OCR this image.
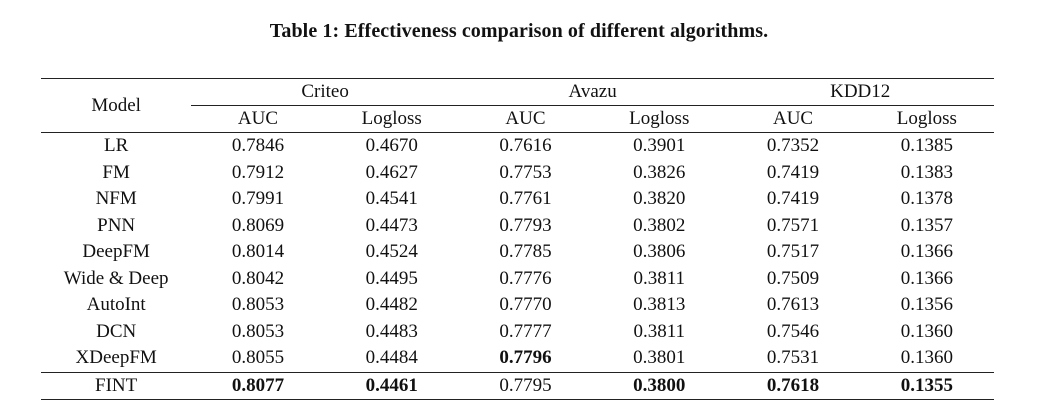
Table 1: Effectiveness comparison of different algorithms.
Model	Criteo		Avazu		KDD12	
	AUC	Logloss	AUC	Logloss	AUC	Logloss
LR	0.7846	0.4670	0.7616	0.3901	0.7352	0.1385
FM	0.7912	0.4627	0.7753	0.3826	0.7419	0.1383
NFM	0.7991	0.4541	0.7761	0.3820	0.7419	0.1378
PNN	0.8069	0.4473	0.7793	0.3802	0.7571	0.1357
DeepFM	0.8014	0.4524	0.7785	0.3806	0.7517	0.1366
Wide & Deep	0.8042	0.4495	0.7776	0.3811	0.7509	0.1366
AutoInt	0.8053	0.4482	0.7770	0.3813	0.7613	0.1356
DCN	0.8053	0.4483	0.7777	0.3811	0.7546	0.1360
XDeepFM	0.8055	0.4484	0.7796	0.3801	0.7531	0.1360
FINT	0.8077	0.4461	0.7795	0.3800	0.7618	0.1355
